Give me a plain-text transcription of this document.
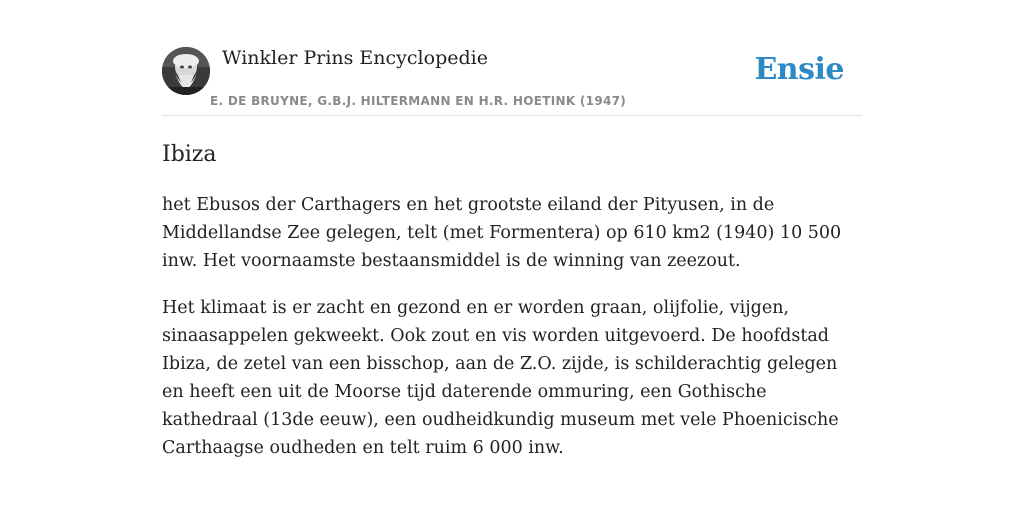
Winkler Prins Encyclopedie
E. DE BRUYNE, G.B.J. HILTERMANN EN H.R. HOETINK (1947)
Ensie
Ibiza

het Ebusos der Carthagers en het grootste eiland der Pityusen, in de Middellandse Zee gelegen, telt (met Formentera) op 610 km2 (1940) 10 500 inw. Het voornaamste bestaansmiddel is de winning van zeezout.

Het klimaat is er zacht en gezond en er worden graan, olijfolie, vijgen, sinaasappelen gekweekt. Ook zout en vis worden uitgevoerd. De hoofdstad Ibiza, de zetel van een bisschop, aan de Z.O. zijde, is schilderachtig gelegen en heeft een uit de Moorse tijd daterende ommuring, een Gothische kathedraal (13de eeuw), een oudheidkundig museum met vele Phoenicische Carthaagse oudheden en telt ruim 6 000 inw.
